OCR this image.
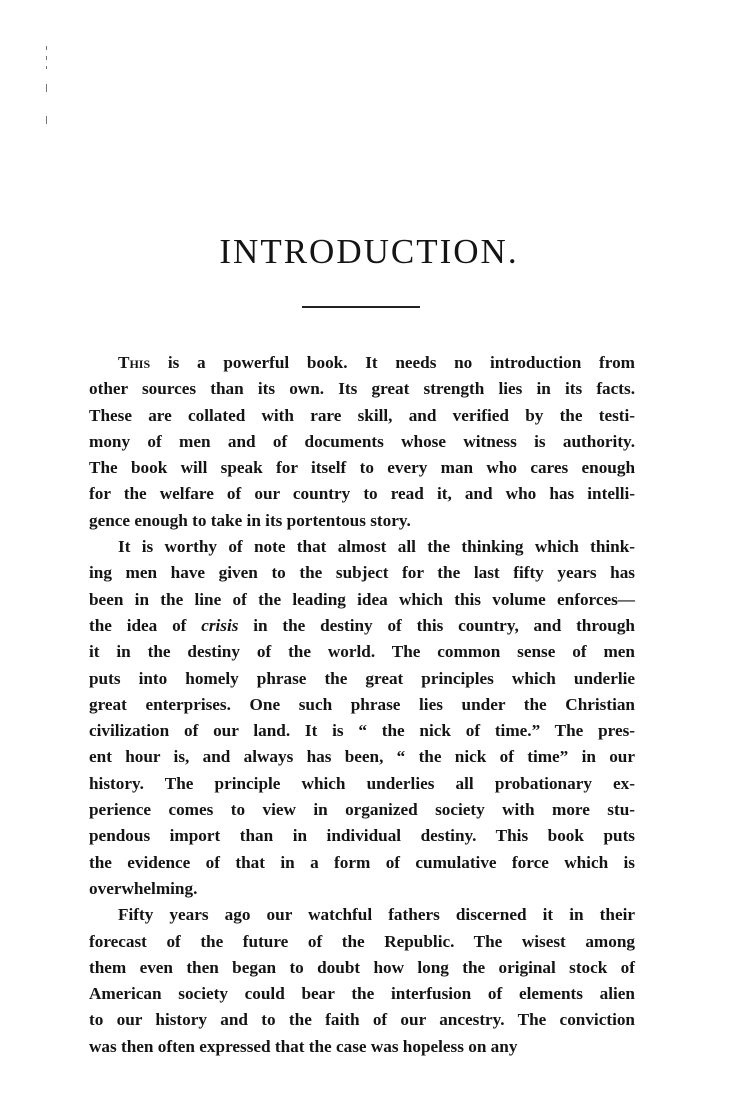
INTRODUCTION.
This is a powerful book. It needs no introduction from
other sources than its own. Its great strength lies in its facts.
These are collated with rare skill, and verified by the testi-
mony of men and of documents whose witness is authority.
The book will speak for itself to every man who cares enough
for the welfare of our country to read it, and who has intelli-
gence enough to take in its portentous story.
It is worthy of note that almost all the thinking which think-
ing men have given to the subject for the last fifty years has
been in the line of the leading idea which this volume enforces—
the idea of crisis in the destiny of this country, and through
it in the destiny of the world. The common sense of men
puts into homely phrase the great principles which underlie
great enterprises. One such phrase lies under the Christian
civilization of our land. It is “ the nick of time.” The pres-
ent hour is, and always has been, “ the nick of time” in our
history. The principle which underlies all probationary ex-
perience comes to view in organized society with more stu-
pendous import than in individual destiny. This book puts
the evidence of that in a form of cumulative force which is
overwhelming.
Fifty years ago our watchful fathers discerned it in their
forecast of the future of the Republic. The wisest among
them even then began to doubt how long the original stock of
American society could bear the interfusion of elements alien
to our history and to the faith of our ancestry. The conviction
was then often expressed that the case was hopeless on any
